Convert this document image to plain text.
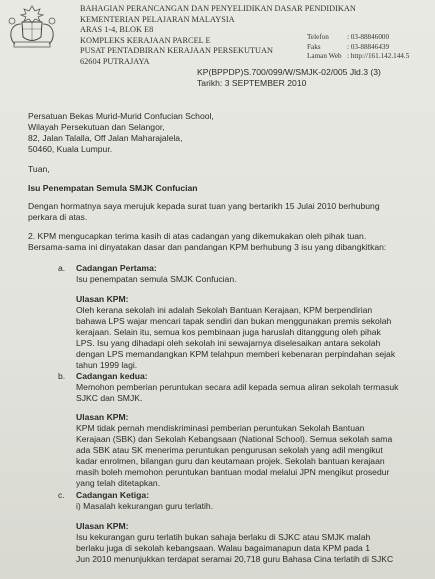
BAHAGIAN PERANCANGAN DAN PENYELIDIKAN DASAR PENDIDIKAN
KEMENTERIAN PELAJARAN MALAYSIA
ARAS 1-4, BLOK E8
KOMPLEKS KERAJAAN PARCEL E
PUSAT PENTADBIRAN KERAJAAN PERSEKUTUAN
62604 PUTRAJAYA
Telefon	: 03-88846000
Faks	: 03-88846439
Laman Web : http://161.142.144.5
KP(BPPDP)S.700/099/W/SMJK-02/005 Jld.3 (3)
Tarikh: 3 SEPTEMBER 2010
Persatuan Bekas Murid-Murid Confucian School,
Wilayah Persekutuan dan Selangor,
82, Jalan Talalla, Off Jalan Maharajalela,
50460, Kuala Lumpur.
Tuan,
Isu Penempatan Semula SMJK Confucian
Dengan hormatnya saya merujuk kepada surat tuan yang bertarikh 15 Julai 2010 berhubung
perkara di atas.
2. KPM mengucapkan terima kasih di atas cadangan yang dikemukakan oleh pihak tuan.
Bersama-sama ini dinyatakan dasar dan pandangan KPM berhubung 3 isu yang dibangkitkan:
a. Cadangan Pertama:
Isu penempatan semula SMJK Confucian.
Ulasan KPM:
Oleh kerana sekolah ini adalah Sekolah Bantuan Kerajaan, KPM berpendirian
bahawa LPS wajar mencari tapak sendiri dan bukan menggunakan premis sekolah
kerajaan. Selain itu, semua kos pembinaan juga haruslah ditanggung oleh pihak
LPS. Isu yang dihadapi oleh sekolah ini sewajarnya diselesaikan antara sekolah
dengan LPS memandangkan KPM telahpun memberi kebenaran perpindahan sejak
tahun 1999 lagi.
b. Cadangan kedua:
Memohon pemberian peruntukan secara adil kepada semua aliran sekolah termasuk
SJKC dan SMJK.
Ulasan KPM:
KPM tidak pernah mendiskriminasi pemberian peruntukan Sekolah Bantuan
Kerajaan (SBK) dan Sekolah Kebangsaan (National School). Semua sekolah sama
ada SBK atau SK menerima peruntukan pengurusan sekolah yang adil mengikut
kadar enrolmen, bilangan guru dan keutamaan projek. Sekolah bantuan kerajaan
masih boleh memohon peruntukan bantuan modal melalui JPN mengikut prosedur
yang telah ditetapkan.
c. Cadangan Ketiga:
i) Masalah kekurangan guru terlatih.
Ulasan KPM:
Isu kekurangan guru terlatih bukan sahaja berlaku di SJKC atau SMJK malah
berlaku juga di sekolah kebangsaan. Walau bagaimanapun data KPM pada 1
Jun 2010 menunjukkan terdapat seramai 20,718 guru Bahasa Cina terlatih di SJKC
